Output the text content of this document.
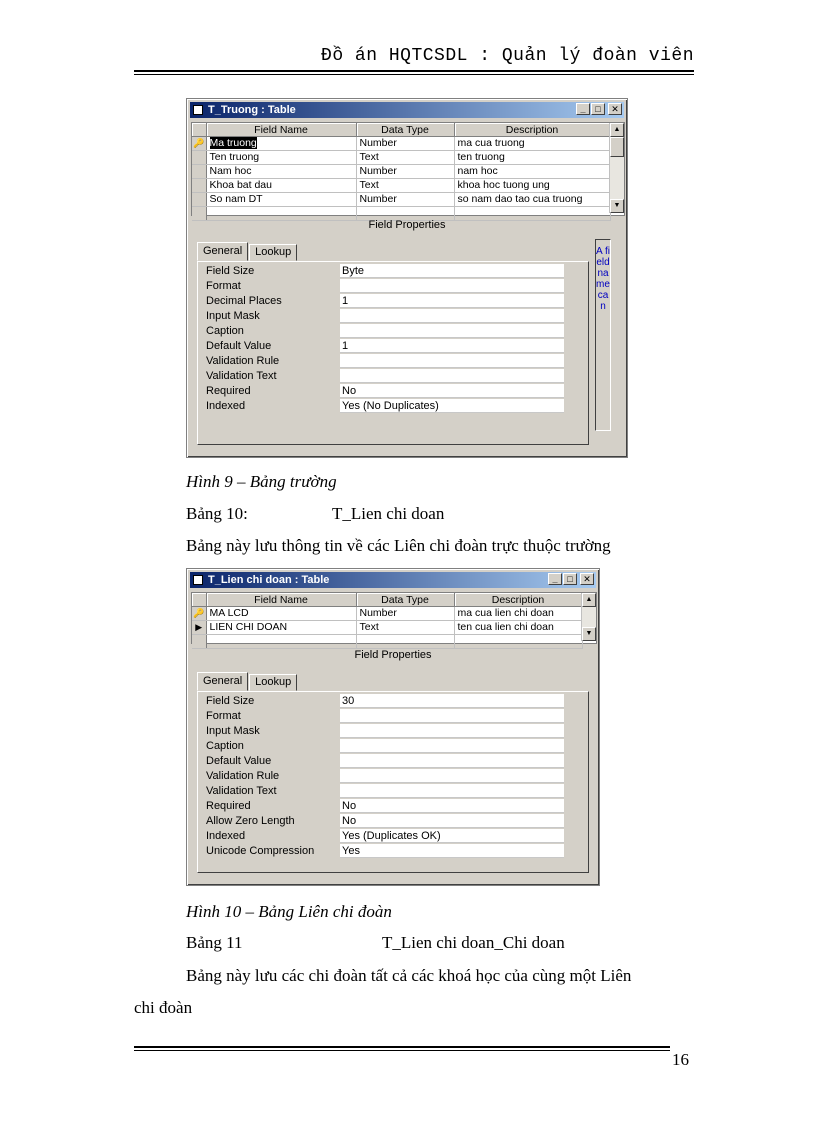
Đồ án HQTCSDL : Quản lý đoàn viên
T_Truong : Table	_	□	✕
	Field Name	Data Type	Description
🔑	Ma truong	Number	ma cua truong
	Ten truong	Text	ten truong
	Nam hoc	Number	nam hoc
	Khoa bat dau	Text	khoa hoc tuong ung
	So nam DT	Number	so nam dao tao cua truong

▲
▼
Field Properties
General	Lookup
Field Size	Byte
Format
Decimal Places	1
Input Mask
Caption
Default Value	1
Validation Rule
Validation Text
Required	No
Indexed	Yes (No Duplicates)
A field name can
Hình 9 – Bảng trường
Bảng 10:	T_Lien chi doan
Bảng này lưu thông tin về các Liên chi đoàn trực thuộc trường
T_Lien chi doan : Table	_	□	✕
	Field Name	Data Type	Description
🔑	MA LCD	Number	ma cua lien chi doan
▶	LIEN CHI DOAN	Text	ten cua lien chi doan

▲
▼
Field Properties
General	Lookup
Field Size	30
Format
Input Mask
Caption
Default Value
Validation Rule
Validation Text
Required	No
Allow Zero Length	No
Indexed	Yes (Duplicates OK)
Unicode Compression	Yes
Hình 10 – Bảng Liên chi đoàn
Bảng 11	T_Lien chi doan_Chi doan
Bảng này lưu các chi đoàn tất cả các khoá học của cùng một Liên
chi đoàn
16
